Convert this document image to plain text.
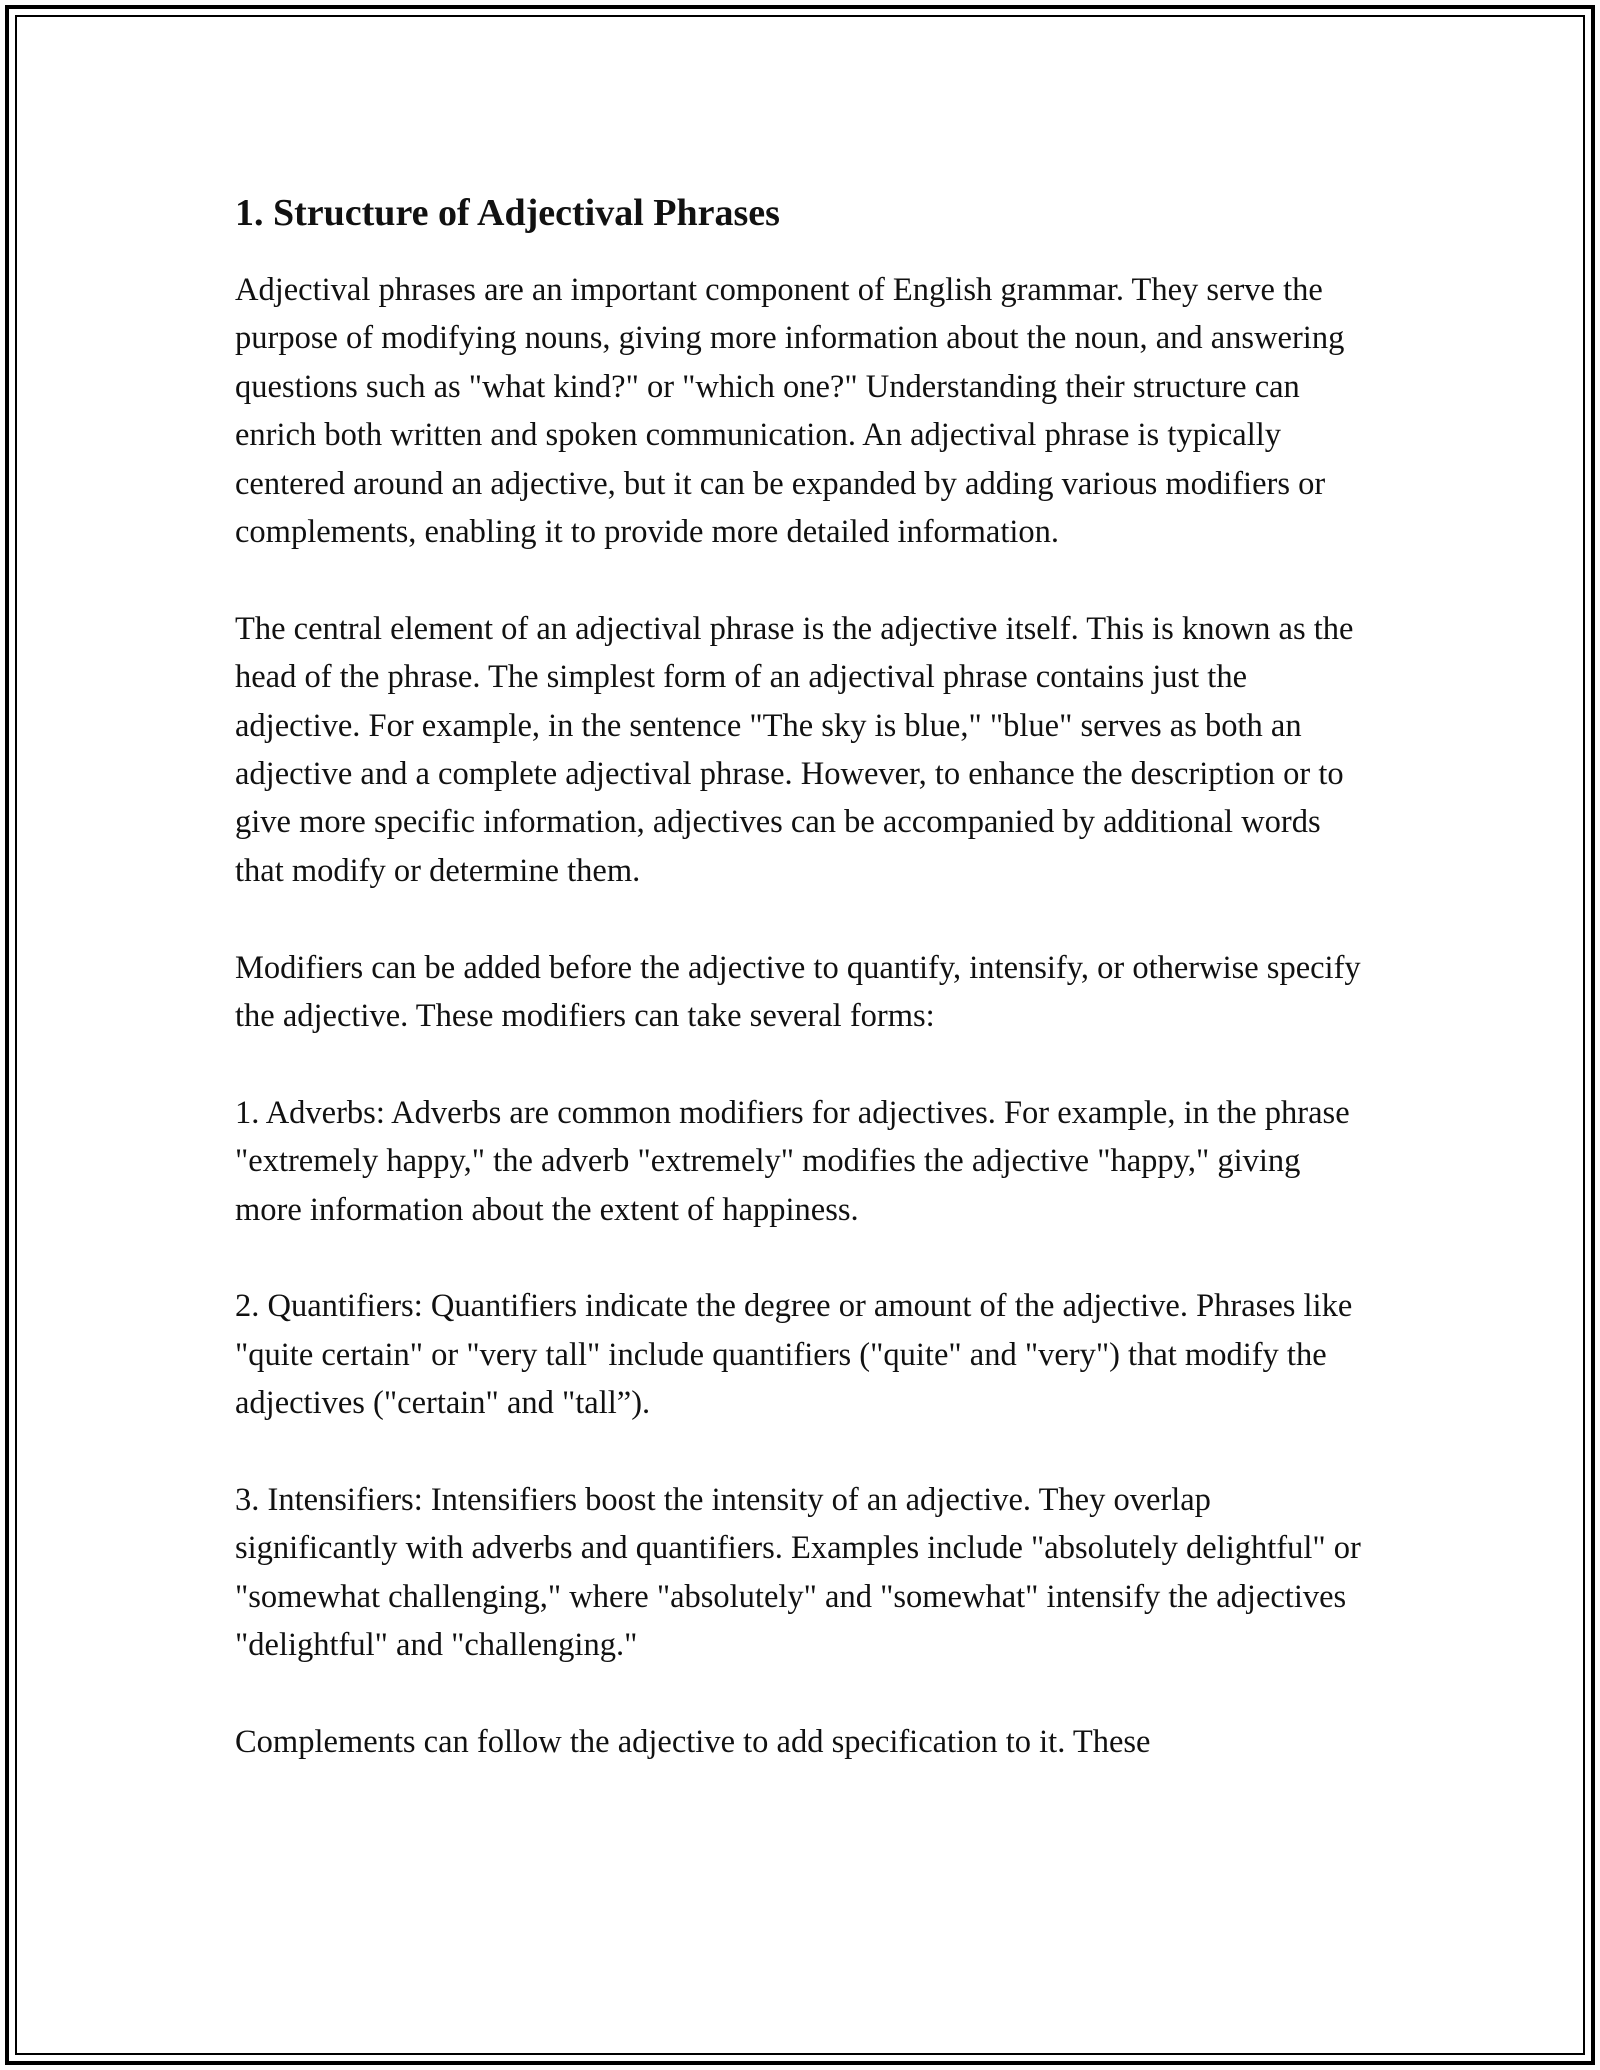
1. Structure of Adjectival Phrases

Adjectival phrases are an important component of English grammar. They serve the purpose of modifying nouns, giving more information about the noun, and answering questions such as "what kind?" or "which one?" Understanding their structure can enrich both written and spoken communication. An adjectival phrase is typically centered around an adjective, but it can be expanded by adding various modifiers or complements, enabling it to provide more detailed information.

The central element of an adjectival phrase is the adjective itself. This is known as the head of the phrase. The simplest form of an adjectival phrase contains just the adjective. For example, in the sentence "The sky is blue," "blue" serves as both an adjective and a complete adjectival phrase. However, to enhance the description or to give more specific information, adjectives can be accompanied by additional words that modify or determine them.

Modifiers can be added before the adjective to quantify, intensify, or otherwise specify the adjective. These modifiers can take several forms:

1. Adverbs: Adverbs are common modifiers for adjectives. For example, in the phrase "extremely happy," the adverb "extremely" modifies the adjective "happy," giving more information about the extent of happiness.

2. Quantifiers: Quantifiers indicate the degree or amount of the adjective. Phrases like "quite certain" or "very tall" include quantifiers ("quite" and "very") that modify the adjectives ("certain" and "tall”).

3. Intensifiers: Intensifiers boost the intensity of an adjective. They overlap significantly with adverbs and quantifiers. Examples include "absolutely delightful" or "somewhat challenging," where "absolutely" and "somewhat" intensify the adjectives "delightful" and "challenging."

Complements can follow the adjective to add specification to it. These
